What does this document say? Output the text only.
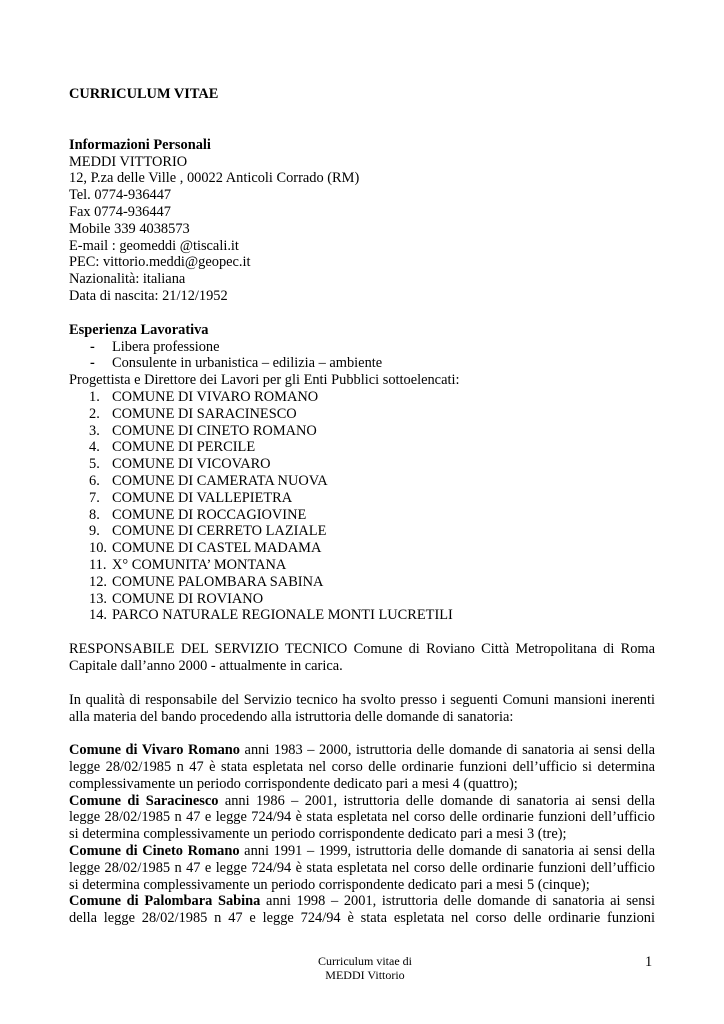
CURRICULUM VITAE
Informazioni Personali
MEDDI VITTORIO
12, P.za delle Ville , 00022 Anticoli Corrado (RM)
Tel. 0774-936447
Fax 0774-936447
Mobile 339 4038573
E-mail : geomeddi @tiscali.it
PEC: vittorio.meddi@geopec.it
Nazionalità: italiana
Data di nascita: 21/12/1952
Esperienza Lavorativa
- Libera professione
- Consulente in urbanistica – edilizia – ambiente
Progettista e Direttore dei Lavori per gli Enti Pubblici sottoelencati:
1. COMUNE DI VIVARO ROMANO
2. COMUNE DI SARACINESCO
3. COMUNE DI CINETO ROMANO
4. COMUNE DI PERCILE
5. COMUNE DI VICOVARO
6. COMUNE DI CAMERATA NUOVA
7. COMUNE DI VALLEPIETRA
8. COMUNE DI ROCCAGIOVINE
9. COMUNE DI CERRETO LAZIALE
10. COMUNE DI CASTEL MADAMA
11. X° COMUNITA’ MONTANA
12. COMUNE PALOMBARA SABINA
13. COMUNE DI ROVIANO
14. PARCO NATURALE REGIONALE MONTI LUCRETILI
RESPONSABILE DEL SERVIZIO TECNICO Comune di Roviano Città Metropolitana di Roma
Capitale dall’anno 2000 - attualmente in carica.
In qualità di responsabile del Servizio tecnico ha svolto presso i seguenti Comuni mansioni inerenti
alla materia del bando procedendo alla istruttoria delle domande di sanatoria:
Comune di Vivaro Romano anni 1983 – 2000, istruttoria delle domande di sanatoria ai sensi della
legge 28/02/1985 n 47 è stata espletata nel corso delle ordinarie funzioni dell’ufficio si determina
complessivamente un periodo corrispondente dedicato pari a mesi 4 (quattro);
Comune di Saracinesco anni 1986 – 2001, istruttoria delle domande di sanatoria ai sensi della
legge 28/02/1985 n 47 e legge 724/94 è stata espletata nel corso delle ordinarie funzioni dell’ufficio
si determina complessivamente un periodo corrispondente dedicato pari a mesi 3 (tre);
Comune di Cineto Romano anni 1991 – 1999, istruttoria delle domande di sanatoria ai sensi della
legge 28/02/1985 n 47 e legge 724/94 è stata espletata nel corso delle ordinarie funzioni dell’ufficio
si determina complessivamente un periodo corrispondente dedicato pari a mesi 5 (cinque);
Comune di Palombara Sabina anni 1998 – 2001, istruttoria delle domande di sanatoria ai sensi
della legge 28/02/1985 n 47 e legge 724/94 è stata espletata nel corso delle ordinarie funzioni
Curriculum vitae di
MEDDI Vittorio
1
